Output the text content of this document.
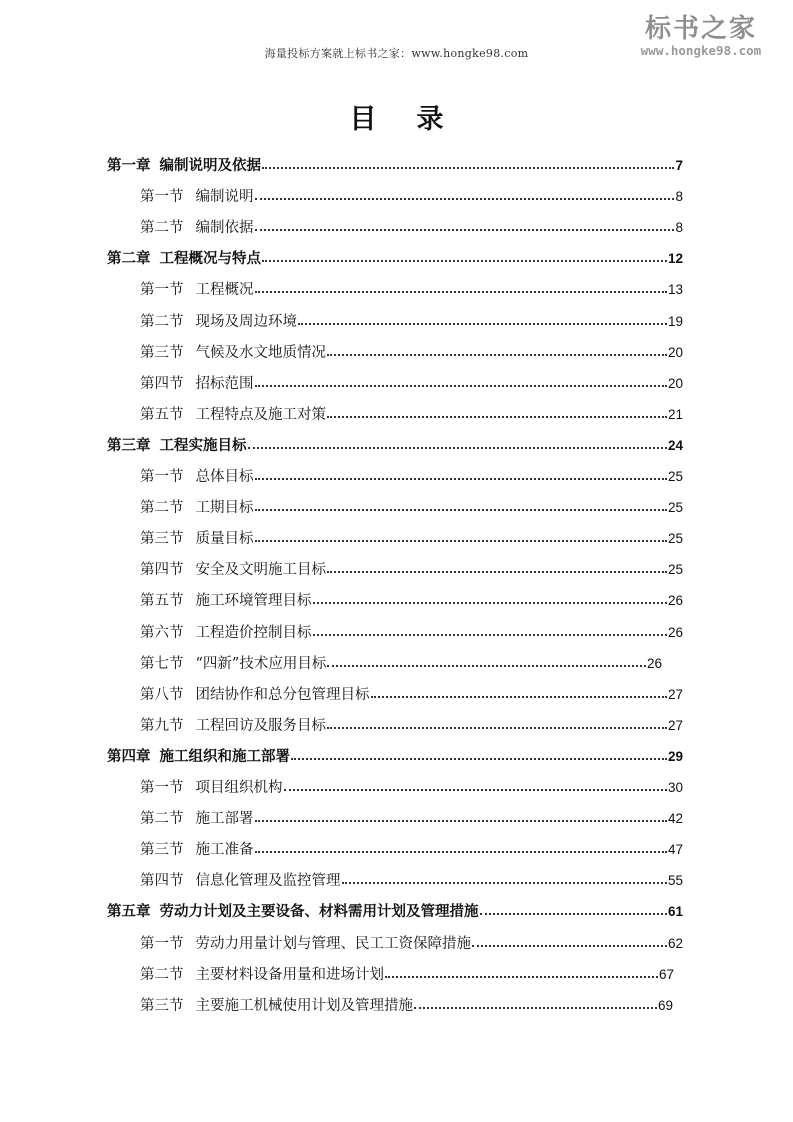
海量投标方案就上标书之家：www.hongke98.com
标书之家
www.hongke98.com
目录
第一章 编制说明及依据	7
第一节 编制说明	8
第二节 编制依据	8
第二章 工程概况与特点	12
第一节 工程概况	13
第二节 现场及周边环境	19
第三节 气候及水文地质情况	20
第四节 招标范围	20
第五节 工程特点及施工对策	21
第三章 工程实施目标	24
第一节 总体目标	25
第二节 工期目标	25
第三节 质量目标	25
第四节 安全及文明施工目标	25
第五节 施工环境管理目标	26
第六节 工程造价控制目标	26
第七节 “四新”技术应用目标	26
第八节 团结协作和总分包管理目标	27
第九节 工程回访及服务目标	27
第四章 施工组织和施工部署	29
第一节 项目组织机构	30
第二节 施工部署	42
第三节 施工准备	47
第四节 信息化管理及监控管理	55
第五章 劳动力计划及主要设备、材料需用计划及管理措施	61
第一节 劳动力用量计划与管理、民工工资保障措施	62
第二节 主要材料设备用量和进场计划	67
第三节 主要施工机械使用计划及管理措施	69
